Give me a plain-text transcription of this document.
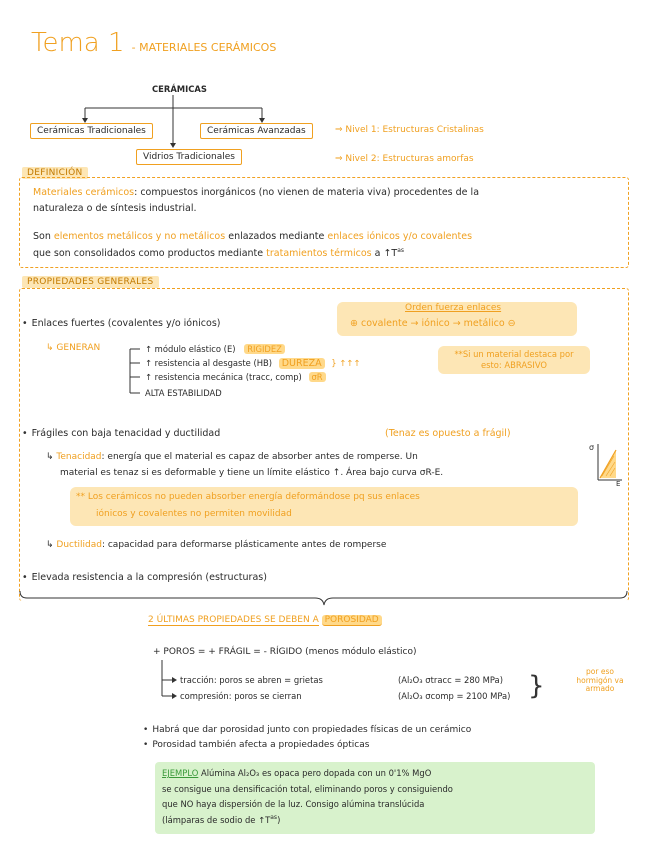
Tema 1 - MATERIALES CERÁMICOS
CERÁMICAS
Cerámicas Tradicionales	Cerámicas Avanzadas
Vidrios Tradicionales
⇒ Nivel 1: Estructuras Cristalinas
⇒ Nivel 2: Estructuras amorfas
DEFINICIÓN
Materiales cerámicos: compuestos inorgánicos (no vienen de materia viva) procedentes de la
naturaleza o de síntesis industrial.
Son elementos metálicos y no metálicos enlazados mediante enlaces iónicos y/o covalentes
que son consolidados como productos mediante tratamientos térmicos a $↑T^{as}$
PROPIEDADES GENERALES
Orden fuerza enlaces
⊕ covalente → iónico → metálico ⊖
• Enlaces fuertes (covalentes y/o iónicos)
↳ GENERAN	↑ módulo elástico (E) RIGIDEZ
↑ resistencia al desgaste (HB) DUREZA } ↑↑↑
↑ resistencia mecánica (tracc, comp) σR
ALTA ESTABILIDAD
**Si un material destaca por esto: ABRASIVO
• Frágiles con baja tenacidad y ductilidad	(Tenaz es opuesto a frágil)
σ
E
↳ Tenacidad: energía que el material es capaz de absorber antes de romperse. Un
material es tenaz si es deformable y tiene un límite elástico ↑. Área bajo curva σR-E.
** Los cerámicos no pueden absorber energía deformándose pq sus enlaces
iónicos y covalentes no permiten movilidad
↳ Ductilidad: capacidad para deformarse plásticamente antes de romperse
• Elevada resistencia a la compresión (estructuras)
2 ÚLTIMAS PROPIEDADES SE DEBEN A POROSIDAD
+ POROS = + FRÁGIL = - RÍGIDO (menos módulo elástico)
tracción: poros se abren = grietas
compresión: poros se cierran
(Al₂O₃ σtracc = 280 MPa)
(Al₂O₃ σcomp = 2100 MPa) }	por eso hormigón va armado
• Habrá que dar porosidad junto con propiedades físicas de un cerámico
• Porosidad también afecta a propiedades ópticas
EJEMPLO Alúmina Al₂O₃ es opaca pero dopada con un 0'1% MgO
se consigue una densificación total, eliminando poros y consiguiendo
que NO haya dispersión de la luz. Consigo alúmina translúcida
(lámparas de sodio de $↑T^{as}$)
